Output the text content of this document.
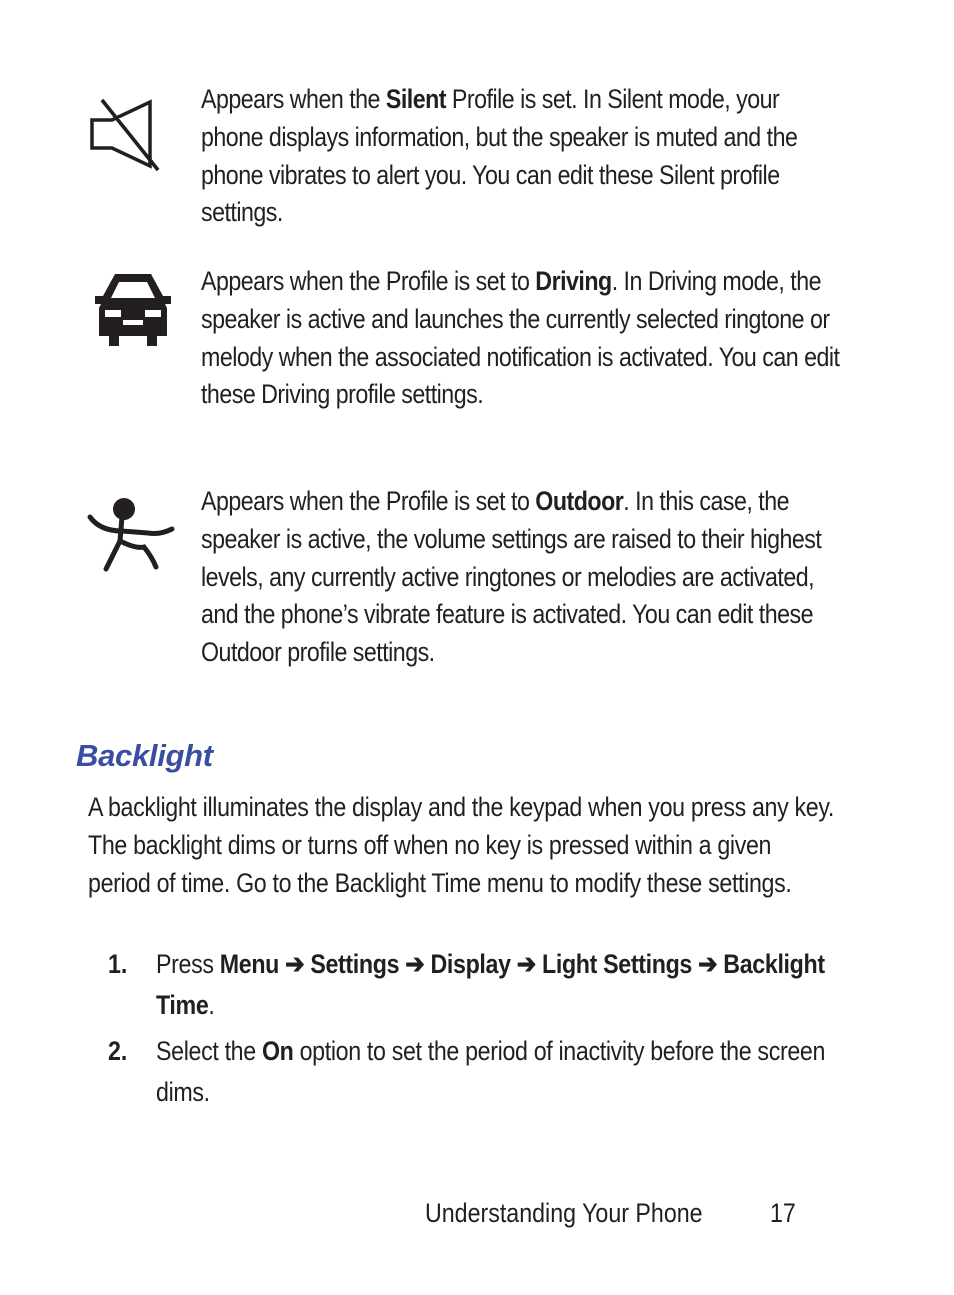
Appears when the Silent Profile is set. In Silent mode, your phone displays information, but the speaker is muted and the phone vibrates to alert you. You can edit these Silent profile settings.
Appears when the Profile is set to Driving. In Driving mode, the speaker is active and launches the currently selected ringtone or melody when the associated notification is activated. You can edit these Driving profile settings.
Appears when the Profile is set to Outdoor. In this case, the speaker is active, the volume settings are raised to their highest levels, any currently active ringtones or melodies are activated, and the phone’s vibrate feature is activated. You can edit these Outdoor profile settings.
Backlight
A backlight illuminates the display and the keypad when you press any key. The backlight dims or turns off when no key is pressed within a given period of time. Go to the Backlight Time menu to modify these settings.
1. Press Menu ➔ Settings ➔ Display ➔ Light Settings ➔ Backlight Time.
2. Select the On option to set the period of inactivity before the screen dims.
Understanding Your Phone 17
